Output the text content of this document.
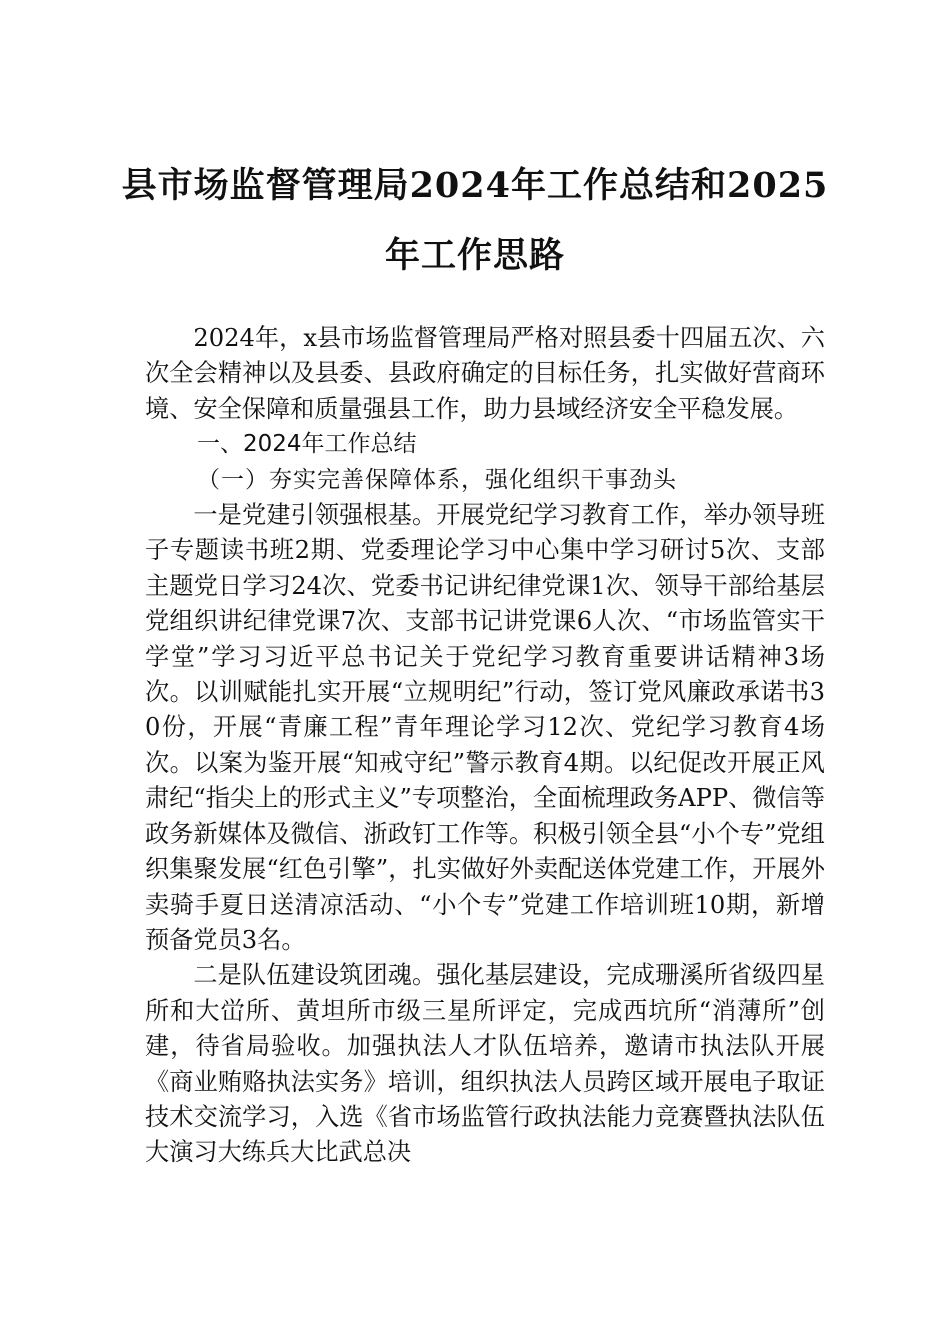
县市场监督管理局2024年工作总结和2025
年工作思路

2024年，x县市场监督管理局严格对照县委十四届五次、六次全会精神以及县委、县政府确定的目标任务，扎实做好营商环境、安全保障和质量强县工作，助力县域经济安全平稳发展。

一、2024年工作总结

（一）夯实完善保障体系，强化组织干事劲头

一是党建引领强根基。开展党纪学习教育工作，举办领导班子专题读书班2期、党委理论学习中心集中学习研讨5次、支部主题党日学习24次、党委书记讲纪律党课1次、领导干部给基层党组织讲纪律党课7次、支部书记讲党课6人次、“市场监管实干学堂”学习习近平总书记关于党纪学习教育重要讲话精神3场次。以训赋能扎实开展“立规明纪”行动，签订党风廉政承诺书30份，开展“青廉工程”青年理论学习12次、党纪学习教育4场次。以案为鉴开展“知戒守纪”警示教育4期。以纪促改开展正风肃纪“指尖上的形式主义”专项整治，全面梳理政务APP、微信等政务新媒体及微信、浙政钉工作等。积极引领全县“小个专”党组织集聚发展“红色引擎”，扎实做好外卖配送体党建工作，开展外卖骑手夏日送清凉活动、“小个专”党建工作培训班10期，新增预备党员3名。

二是队伍建设筑团魂。强化基层建设，完成珊溪所省级四星所和大峃所、黄坦所市级三星所评定，完成西坑所“消薄所”创建，待省局验收。加强执法人才队伍培养，邀请市执法队开展《商业贿赂执法实务》培训，组织执法人员跨区域开展电子取证技术交流学习，入选《省市场监管行政执法能力竞赛暨执法队伍大演习大练兵大比武总决
